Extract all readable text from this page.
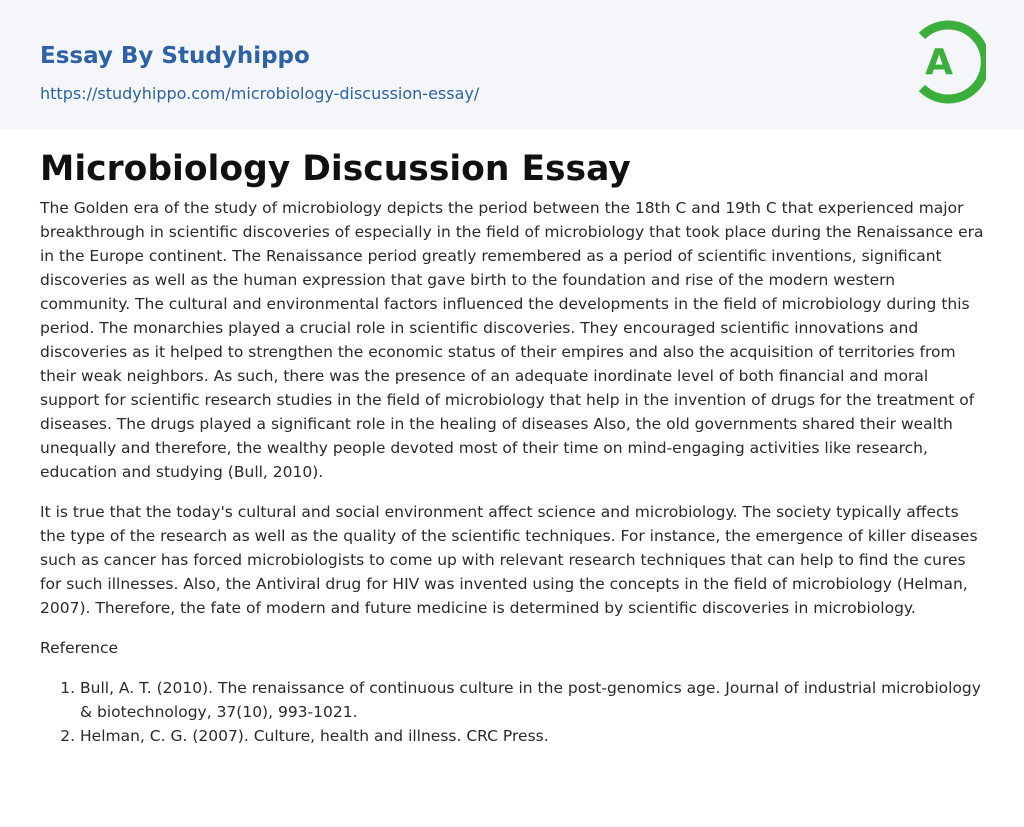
Essay By Studyhippo
https://studyhippo.com/microbiology-discussion-essay/
A
Microbiology Discussion Essay

The Golden era of the study of microbiology depicts the period between the 18th C and 19th C that experienced major breakthrough in scientific discoveries of especially in the field of microbiology that took place during the Renaissance era in the Europe continent. The Renaissance period greatly remembered as a period of scientific inventions, significant discoveries as well as the human expression that gave birth to the foundation and rise of the modern western community. The cultural and environmental factors influenced the developments in the field of microbiology during this period. The monarchies played a crucial role in scientific discoveries. They encouraged scientific innovations and discoveries as it helped to strengthen the economic status of their empires and also the acquisition of territories from their weak neighbors. As such, there was the presence of an adequate inordinate level of both financial and moral support for scientific research studies in the field of microbiology that help in the invention of drugs for the treatment of diseases. The drugs played a significant role in the healing of diseases Also, the old governments shared their wealth unequally and therefore, the wealthy people devoted most of their time on mind-engaging activities like research, education and studying (Bull, 2010).

It is true that the today's cultural and social environment affect science and microbiology. The society typically affects the type of the research as well as the quality of the scientific techniques. For instance, the emergence of killer diseases such as cancer has forced microbiologists to come up with relevant research techniques that can help to find the cures for such illnesses. Also, the Antiviral drug for HIV was invented using the concepts in the field of microbiology (Helman, 2007). Therefore, the fate of modern and future medicine is determined by scientific discoveries in microbiology.

Reference

1. Bull, A. T. (2010). The renaissance of continuous culture in the post-genomics age. Journal of industrial microbiology & biotechnology, 37(10), 993-1021.
2. Helman, C. G. (2007). Culture, health and illness. CRC Press.
